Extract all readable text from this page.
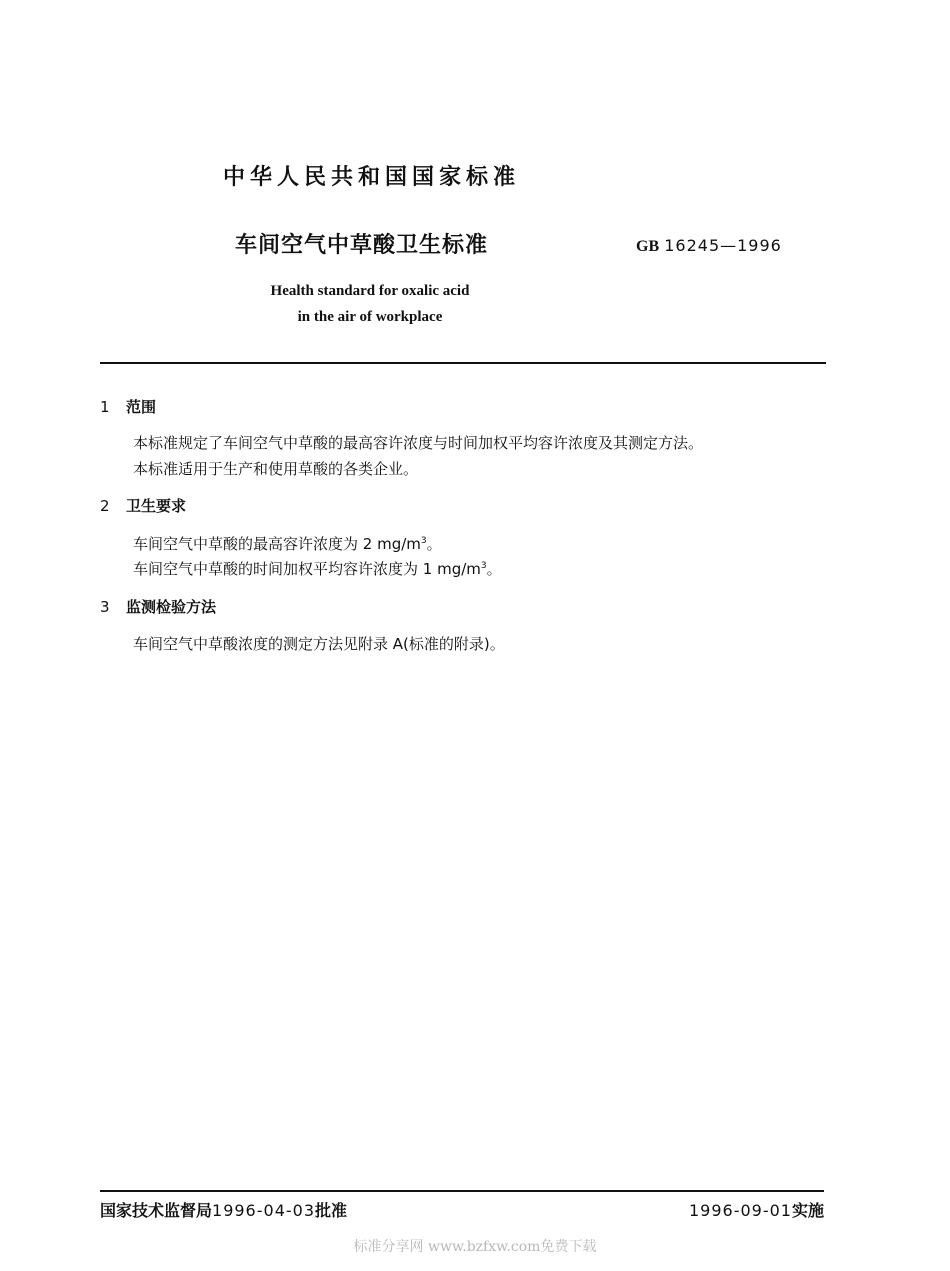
中华人民共和国国家标准
车间空气中草酸卫生标准	GB 16245—1996
Health standard for oxalic acid
in the air of workplace
1 范围
本标准规定了车间空气中草酸的最高容许浓度与时间加权平均容许浓度及其测定方法。
本标准适用于生产和使用草酸的各类企业。
2 卫生要求
车间空气中草酸的最高容许浓度为 2 $mg/m^3$。
车间空气中草酸的时间加权平均容许浓度为 1 $mg/m^3$。
3 监测检验方法
车间空气中草酸浓度的测定方法见附录 A(标准的附录)。
国家技术监督局1996-04-03批准	1996-09-01实施
标准分享网 www.bzfxw.com免费下载
